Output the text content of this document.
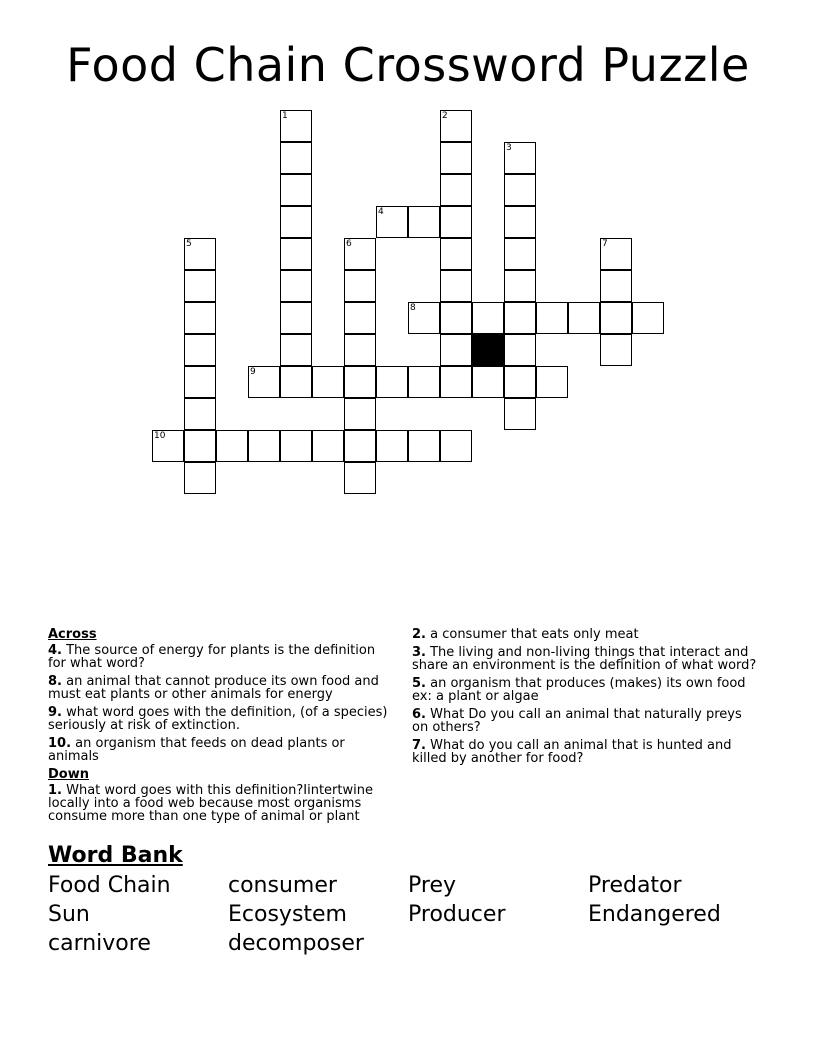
Food Chain Crossword Puzzle
1	2
3
4
5	6	7
8
9
10
Across
4. The source of energy for plants is the definition for what word?
8. an animal that cannot produce its own food and must eat plants or other animals for energy
9. what word goes with the definition, (of a species) seriously at risk of extinction.
10. an organism that feeds on dead plants or animals
Down
1. What word goes with this definition?Iintertwine locally into a food web because most organisms consume more than one type of animal or plant
2. a consumer that eats only meat
3. The living and non-living things that interact and share an environment is the definition of what word?
5. an organism that produces (makes) its own food ex: a plant or algae
6. What Do you call an animal that naturally preys on others?
7. What do you call an animal that is hunted and killed by another for food?
Word Bank
Food Chain	consumer	Prey	Predator
Sun	Ecosystem	Producer	Endangered
carnivore	decomposer
